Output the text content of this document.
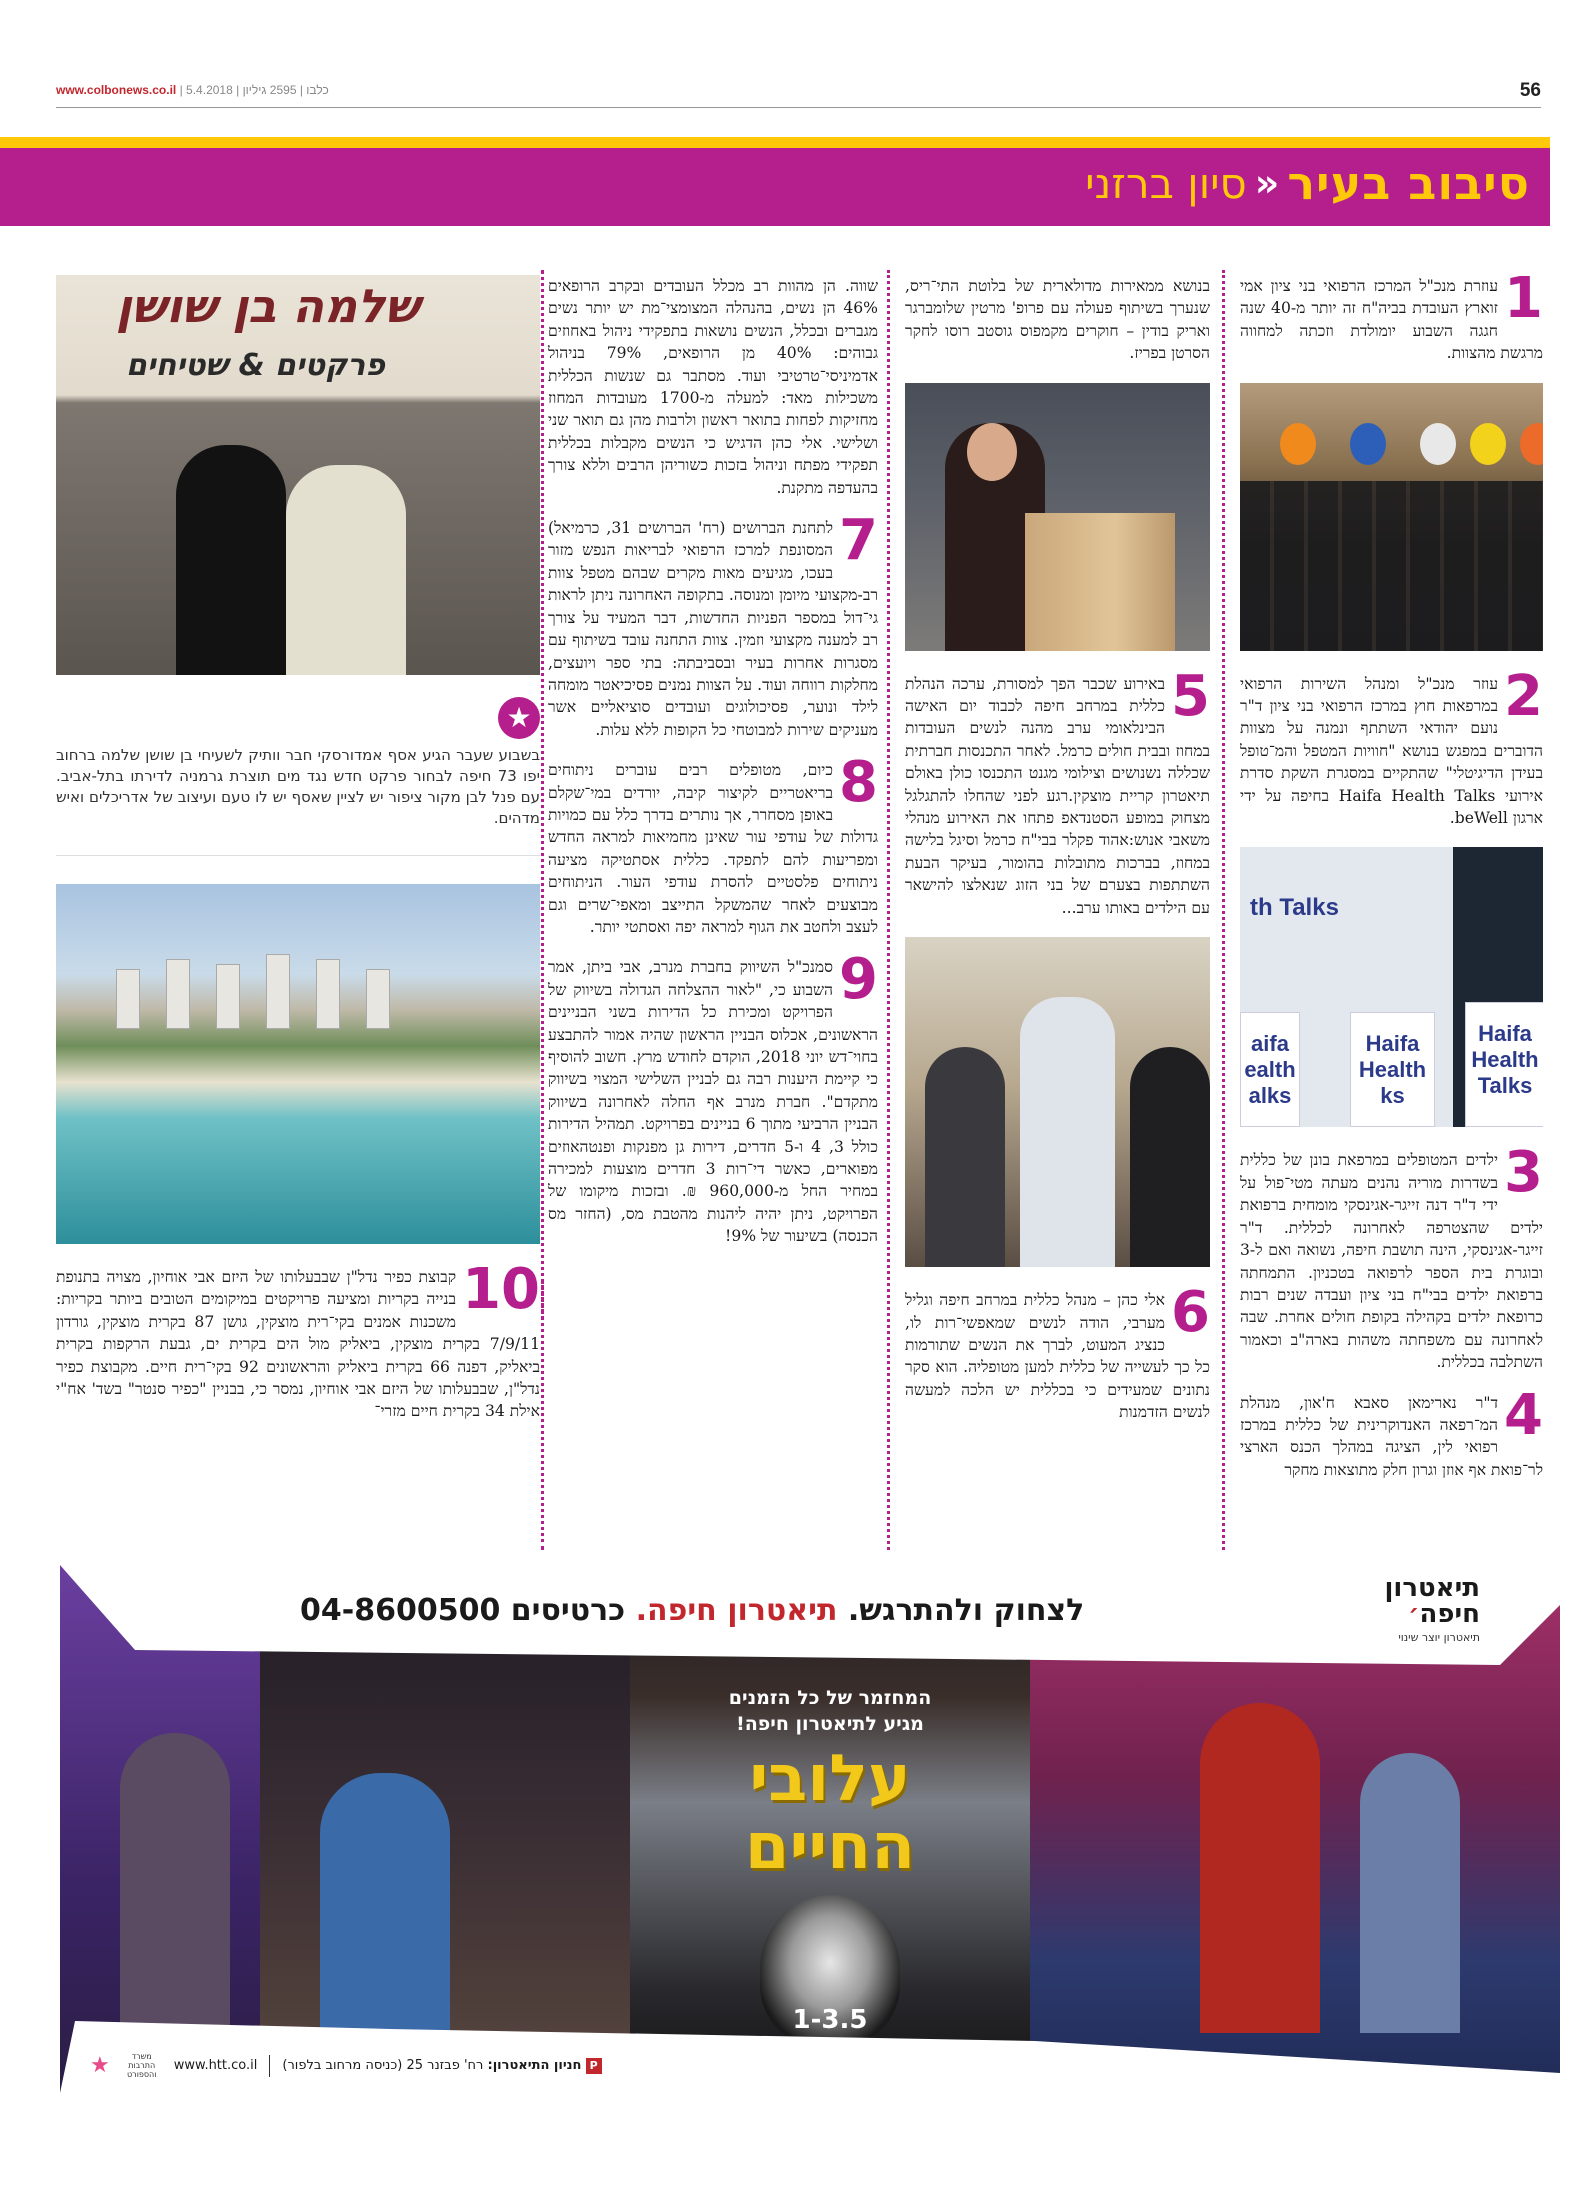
www.colbonews.co.il |	כלבו | 2595 גיליון | 5.4.2018	56
סיבוב בעיר
«
סיון ברזני
1

עוזרת מנכ"ל המרכז הרפואי בני ציון אמי זוארץ העובדת בביה"ח זה יותר מ-40 שנה חגגה השבוע יומולדת וזכתה למחווה מרגשת מהצוות.

2

עוזר מנכ"ל ומנהל השירות הרפואי במרפאות חוץ במרכז הרפואי בני ציון ד"ר נועם יהודאי השתתף ונמנה על מצוות הדוברים במפגש בנושא "חוויות המטפל והמ־טופל בעידן הדיגיטלי" שהתקיים במסגרת השקת סדרת אירועי Haifa Health Talks בחיפה על ידי ארגון beWell.

th Talks
aifa
ealth
alks
Haifa
Health
ks
Haifa
Health
Talks
3

ילדים המטופלים במרפאת בונן של כללית בשדרות מוריה נהנים מעתה מטי־פול על ידי ד"ר דנה זייגר-אגינסקי מומחית ברפואת ילדים שהצטרפה לאחרונה לכללית. ד"ר זייגר-אגינסקי, הינה תושבת חיפה, נשואה ואם ל-3 ובוגרת בית הספר לרפואה בטכניון. התמחתה ברפואת ילדים בבי"ח בני ציון ועבדה שנים רבות כרופאת ילדים בקהילה בקופת חולים אחרת. שבה לאחרונה עם משפחתה משהות בארה"ב וכאמור השתלבה בכללית.

4

ד"ר נארימאן סאבא ח'און, מנהלת המ־רפאה האנדוקרינית של כללית במרכז רפואי לין, הציגה במהלך הכנס הארצי לר־פואת אף אוזן וגרון חלק מתוצאות מחקר

בנושא ממאירות מדולארית של בלוטת התי־ריס, שנערך בשיתוף פעולה עם פרופ' מרטין שלומברגר ואריק בודין – חוקרים מקמפוס גוסטב רוסו לחקר הסרטן בפריז.

5

באירוע שכבר הפך למסורת, ערכה הנהלת כללית במרחב חיפה לכבוד יום האישה הבינלאומי ערב מהנה לנשים העובדות במחוז ובבית חולים כרמל. לאחר התכנסות חברתית שכללה נשנושים וצילומי מגנט התכנסו כולן באולם תיאטרון קריית מוצקין.רגע לפני שהחלו להתגלגל מצחוק במופע הסטנדאפ פתחו את האירוע מנהלי משאבי אנוש:אהוד פקלר בבי"ח כרמל וסיגל בלישה במחוז, בברכות מתובלות בהומור, בעיקר הבעת השתתפות בצערם של בני הזוג שנאלצו להישאר עם הילדים באותו ערב...

6

אלי כהן – מנהל כללית במרחב חיפה וגליל מערבי, הודה לנשים שמאפשי־רות לו, כנציג המעוט, לברך את הנשים שתורמות כל כך לעשייה של כללית למען מטופליה. הוא סקר נתונים שמעידים כי בכללית יש הלכה למעשה לנשים הזדמנות

שווה. הן מהוות רב מכלל העובדים ובקרב הרופאים 46% הן נשים, בהנהלה המצומצי־מת יש יותר נשים מגברים ובכלל, הנשים נושאות בתפקידי ניהול באחוזים גבוהים: 40% מן הרופאים, 79% בניהול אדמיניסי־טרטיבי ועוד. מסתבר גם שנשות הכללית משכילות מאד: למעלה מ-1700 מעובדות המחוז מחזיקות לפחות בתואר ראשון ולרבות מהן גם תואר שני ושלישי. אלי כהן הדגיש כי הנשים מקבלות בכללית תפקידי מפתח וניהול בזכות כשוריהן הרבים וללא צורך בהעדפה מתקנת.

7

לתחנת הברושים (רח' הברושים 31, כרמיאל) המסונפת למרכז הרפואי לבריאות הנפש מזור בעכו, מגיעים מאות מקרים שבהם מטפל צוות רב-מקצועי מיומן ומנוסה. בתקופה האחרונה ניתן לראות גי־דול במספר הפניות החדשות, דבר המעיד על צורך רב למענה מקצועי וזמין. צוות התחנה עובד בשיתוף עם מסגרות אחרות בעיר ובסביבתה: בתי ספר ויועצים, מחלקות רווחה ועוד. על הצוות נמנים פסיכיאטר מומחה לילד ונוער, פסיכולוגים ועובדים סוציאליים אשר מעניקים שירות למבוטחי כל הקופות ללא עלות.

8

כיום, מטופלים רבים עוברים ניתוחים בריאטריים לקיצור קיבה, יורדים במי־שקלם באופן מסחרר, אך נותרים בדרך כלל עם כמויות גדולות של עודפי עור שאינן מחמיאות למראה החדש ומפריעות להם לתפקד. כללית אסתטיקה מציעה ניתוחים פלסטיים להסרת עודפי העור. הניתוחים מבוצעים לאחר שהמשקל התייצב ומאפי־שרים וגם לעצב ולחטב את הגוף למראה יפה ואסתטי יותר.

9

סמנכ"ל השיווק בחברת מנרב, אבי ביתן, אמר השבוע כי, "לאור ההצלחה הגדולה בשיווק של הפרויקט ומכירת כל הדירות בשני הבניינים הראשונים, אכלוס הבניין הראשון שהיה אמור להתבצע בחוי־דש יוני 2018, הוקדם לחודש מרץ. חשוב להוסיף כי קיימת היענות רבה גם לבניין השלישי המצוי בשיווק מתקדם". חברת מנרב אף החלה לאחרונה בשיווק הבניין הרביעי מתוך 6 בניינים בפרויקט. תמהיל הדירות כולל 3, 4 ו-5 חדרים, דירות גן מפנקות ופנטהאוזים מפוארים, כאשר די־רות 3 חדרים מוצעות למכירה במחיר החל מ-960,000 ₪. ובזכות מיקומו של הפרויקט, ניתן יהיה ליהנות מהטבת מס, (החזר מס הכנסה) בשיעור של 9%!

שלמה בן שושן
פרקטים & שטיחים
★

בשבוע שעבר הגיע אסף אמדורסקי חבר וותיק לשעיחי בן שושן שלמה ברחוב יפו 73 חיפה לבחור פרקט חדש נגד מים תוצרת גרמניה לדירתו בתל-אביב. עם פנל לבן מקור ציפור יש לציין שאסף יש לו טעם ועיצוב של אדריכלים ואיש מדהים.

10

קבוצת כפיר נדל"ן שבבעלותו של היזם אבי אוחיון, מצויה בתנופת בנייה בקריות ומציעה פרויקטים במיקומים הטובים ביותר בקריות: משכנות אמנים בקי־רית מוצקין, גושן 87 בקרית מוצקין, גורדון 7/9/11 בקרית מוצקין, ביאליק מול הים בקרית ים, גבעת הרקפות בקרית ביאליק, דפנה 66 בקרית ביאליק והראשונים 92 בקי־רית חיים. מקבוצת כפיר נדל"ן, שבבעלותו של היזם אבי אוחיון, נמסר כי, בבניין "כפיר סנטר" בשד' אח"י אילת 34 בקרית חיים מזרי־

לצחוק ולהתרגש. תיאטרון חיפה. כרטיסים 04-8600500
תיאטרון
חיפה׳
תיאטרון יוצר שינוי
המחזמר של כל הזמנים
מגיע לתיאטרון חיפה!
עלובי
החיים
1-3.5
★	משרד התרבות והספורט
www.htt.co.il	P חניון התיאטרון: רח' פבזנר 25 (כניסה מרחוב בלפור)
